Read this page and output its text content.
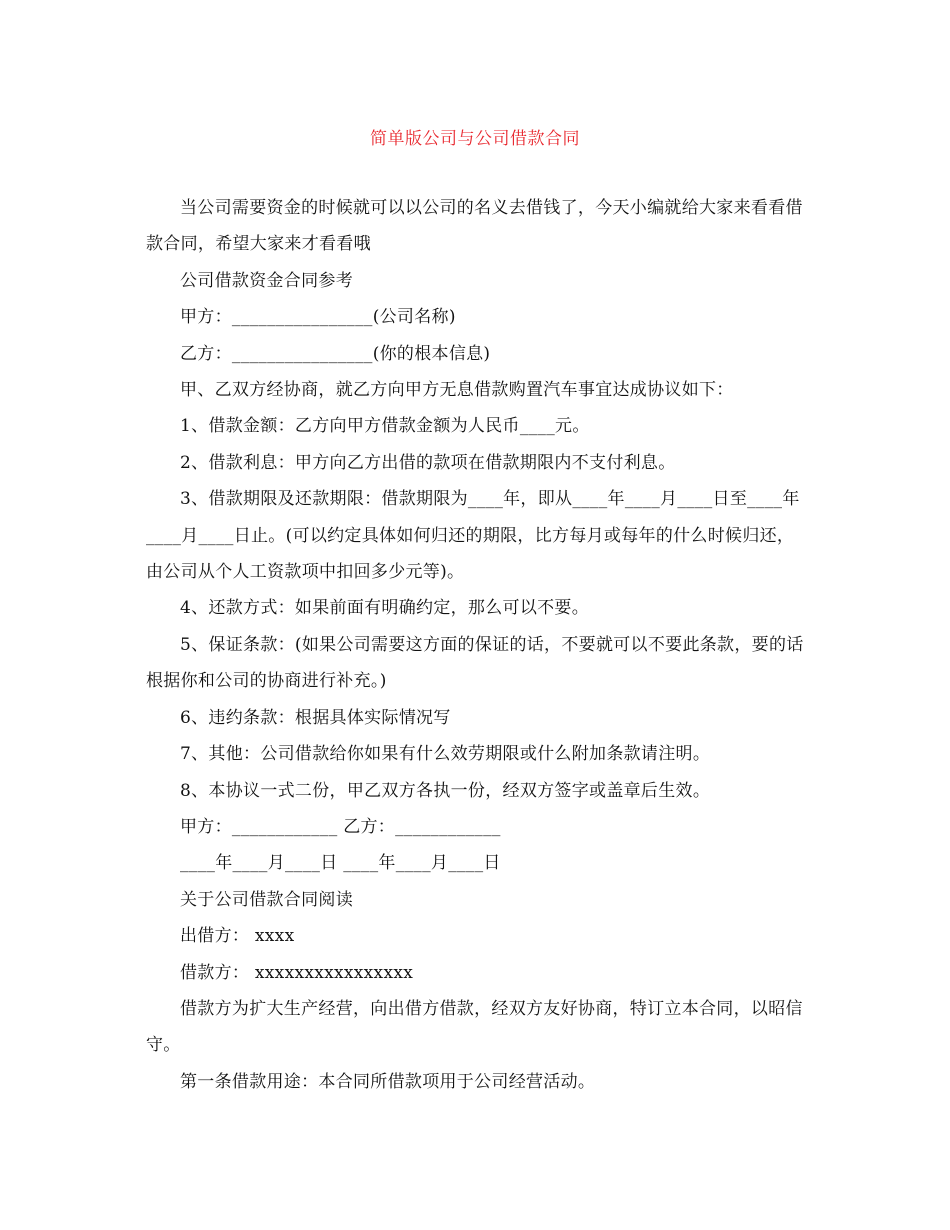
简单版公司与公司借款合同

当公司需要资金的时候就可以以公司的名义去借钱了，今天小编就给大家来看看借款合同，希望大家来才看看哦

公司借款资金合同参考

甲方：________________(公司名称)

乙方：________________(你的根本信息)

甲、乙双方经协商，就乙方向甲方无息借款购置汽车事宜达成协议如下：

1、借款金额：乙方向甲方借款金额为人民币____元。

2、借款利息：甲方向乙方出借的款项在借款期限内不支付利息。

3、借款期限及还款期限：借款期限为____年，即从____年____月____日至____年____月____日止。(可以约定具体如何归还的期限，比方每月或每年的什么时候归还，由公司从个人工资款项中扣回多少元等)。

4、还款方式：如果前面有明确约定，那么可以不要。

5、保证条款：(如果公司需要这方面的保证的话，不要就可以不要此条款，要的话根据你和公司的协商进行补充。)

6、违约条款：根据具体实际情况写

7、其他：公司借款给你如果有什么效劳期限或什么附加条款请注明。

8、本协议一式二份，甲乙双方各执一份，经双方签字或盖章后生效。

甲方：____________ 乙方：____________

____年____月____日 ____年____月____日

关于公司借款合同阅读

出借方： xxxx

借款方： xxxxxxxxxxxxxxxx

借款方为扩大生产经营，向出借方借款，经双方友好协商，特订立本合同，以昭信守。

第一条借款用途：本合同所借款项用于公司经营活动。
